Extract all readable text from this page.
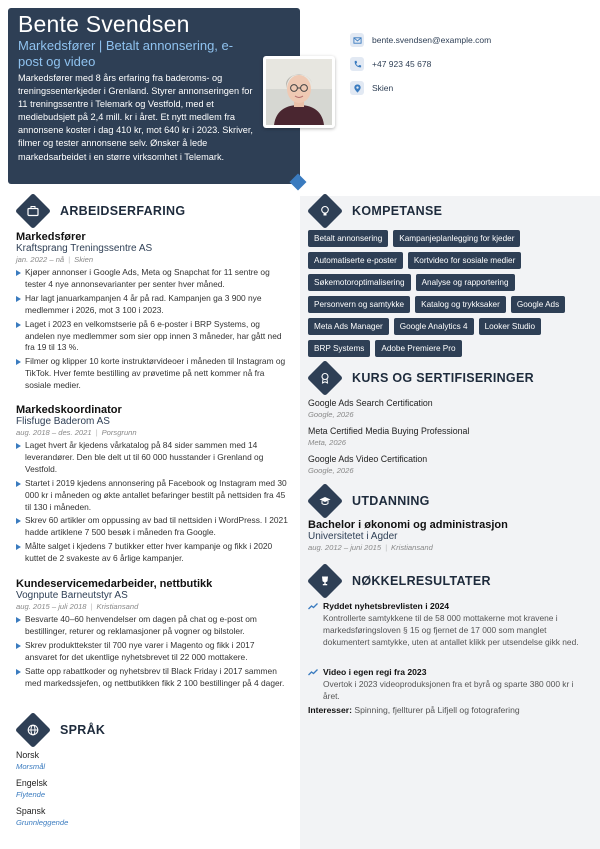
Bente Svendsen
Markedsfører | Betalt annonsering, e-post og video
Markedsfører med 8 års erfaring fra baderoms- og treningssenterkjeder i Grenland. Styrer annonseringen for 11 treningssentre i Telemark og Vestfold, med et mediebudsjett på 2,4 mill. kr i året. Et nytt medlem fra annonsene koster i dag 410 kr, mot 640 kr i 2023. Skriver, filmer og tester annonsene selv. Ønsker å lede markedsarbeidet i en større virksomhet i Telemark.
bente.svendsen@example.com
+47 923 45 678
Skien
ARBEIDSERFARING
Markedsfører
Kraftsprang Treningssentre AS
jan. 2022 – nå | Skien
Kjøper annonser i Google Ads, Meta og Snapchat for 11 sentre og tester 4 nye annonsevarianter per senter hver måned.
Har lagt januarkampanjen 4 år på rad. Kampanjen ga 3 900 nye medlemmer i 2026, mot 3 100 i 2023.
Laget i 2023 en velkomstserie på 6 e-poster i BRP Systems, og andelen nye medlemmer som sier opp innen 3 måneder, har gått ned fra 19 til 13 %.
Filmer og klipper 10 korte instruktørvideoer i måneden til Instagram og TikTok. Hver femte bestilling av prøvetime på nett kommer nå fra sosiale medier.
Markedskoordinator
Flisfuge Baderom AS
aug. 2018 – des. 2021 | Porsgrunn
Laget hvert år kjedens vårkatalog på 84 sider sammen med 14 leverandører. Den ble delt ut til 60 000 husstander i Grenland og Vestfold.
Startet i 2019 kjedens annonsering på Facebook og Instagram med 30 000 kr i måneden og økte antallet befaringer bestilt på nettsiden fra 45 til 130 i måneden.
Skrev 60 artikler om oppussing av bad til nettsiden i WordPress. I 2021 hadde artiklene 7 500 besøk i måneden fra Google.
Målte salget i kjedens 7 butikker etter hver kampanje og fikk i 2020 kuttet de 2 svakeste av 6 årlige kampanjer.
Kundeservicemedarbeider, nettbutikk
Vognpute Barneutstyr AS
aug. 2015 – juli 2018 | Kristiansand
Besvarte 40–60 henvendelser om dagen på chat og e-post om bestillinger, returer og reklamasjoner på vogner og bilstoler.
Skrev produkttekster til 700 nye varer i Magento og fikk i 2017 ansvaret for det ukentlige nyhetsbrevet til 22 000 mottakere.
Satte opp rabattkoder og nyhetsbrev til Black Friday i 2017 sammen med markedssjefen, og nettbutikken fikk 2 100 bestillinger på 4 dager.
SPRÅK
Norsk
Morsmål
Engelsk
Flytende
Spansk
Grunnleggende
KOMPETANSE
Betalt annonsering	Kampanjeplanlegging for kjeder
Automatiserte e-poster	Kortvideo for sosiale medier
Søkemotoroptimalisering	Analyse og rapportering
Personvern og samtykke	Katalog og trykksaker	Google Ads
Meta Ads Manager	Google Analytics 4	Looker Studio
BRP Systems	Adobe Premiere Pro
KURS OG SERTIFISERINGER
Google Ads Search Certification
Google, 2026
Meta Certified Media Buying Professional
Meta, 2026
Google Ads Video Certification
Google, 2026
UTDANNING
Bachelor i økonomi og administrasjon
Universitetet i Agder
aug. 2012 – juni 2015 | Kristiansand
NØKKELRESULTATER
Ryddet nyhetsbrevlisten i 2024
Kontrollerte samtykkene til de 58 000 mottakerne mot kravene i markedsføringsloven § 15 og fjernet de 17 000 som manglet dokumentert samtykke, uten at antallet klikk per utsendelse gikk ned.
Video i egen regi fra 2023
Overtok i 2023 videoproduksjonen fra et byrå og sparte 380 000 kr i året.
Interesser: Spinning, fjellturer på Lifjell og fotografering
